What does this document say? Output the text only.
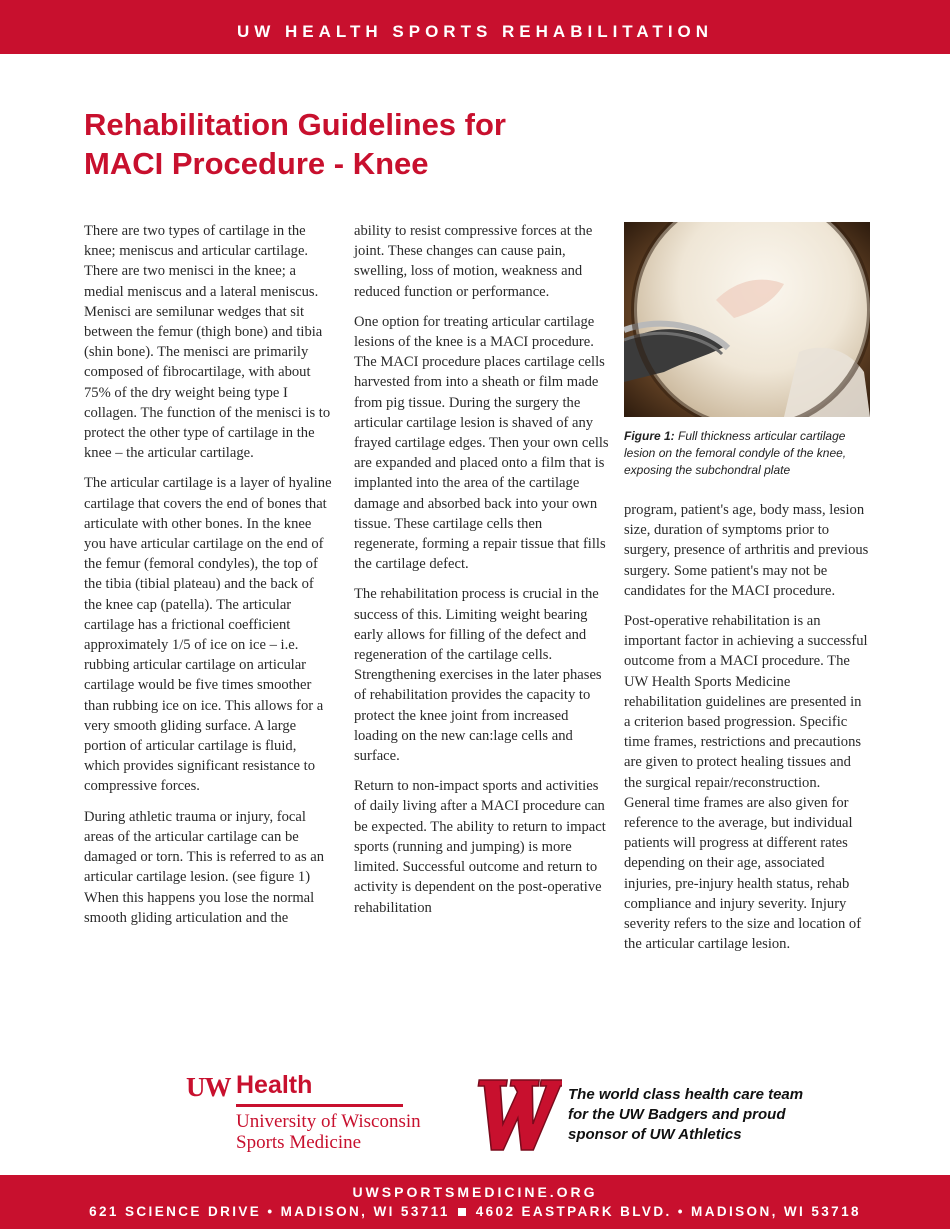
UW HEALTH SPORTS REHABILITATION
Rehabilitation Guidelines for
MACI Procedure - Knee

There are two types of cartilage in the knee; meniscus and articular cartilage. There are two menisci in the knee; a medial meniscus and a lateral meniscus. Menisci are semilunar wedges that sit between the femur (thigh bone) and tibia (shin bone). The menisci are primarily composed of fibrocartilage, with about 75% of the dry weight being type I collagen. The function of the menisci is to protect the other type of cartilage in the knee – the articular cartilage.

The articular cartilage is a layer of hyaline cartilage that covers the end of bones that articulate with other bones. In the knee you have articular cartilage on the end of the femur (femoral condyles), the top of the tibia (tibial plateau) and the back of the knee cap (patella). The articular cartilage has a frictional coefficient approximately 1/5 of ice on ice – i.e. rubbing articular cartilage on articular cartilage would be five times smoother than rubbing ice on ice. This allows for a very smooth gliding surface. A large portion of articular cartilage is fluid, which provides significant resistance to compressive forces.

During athletic trauma or injury, focal areas of the articular cartilage can be damaged or torn. This is referred to as an articular cartilage lesion. (see figure 1) When this happens you lose the normal smooth gliding articulation and the

ability to resist compressive forces at the joint. These changes can cause pain, swelling, loss of motion, weakness and reduced function or performance.

One option for treating articular cartilage lesions of the knee is a MACI procedure. The MACI procedure places cartilage cells harvested from into a sheath or film made from pig tissue. During the surgery the articular cartilage lesion is shaved of any frayed cartilage edges. Then your own cells are expanded and placed onto a film that is implanted into the area of the cartilage damage and absorbed back into your own tissue. These cartilage cells then regenerate, forming a repair tissue that fills the cartilage defect.

The rehabilitation process is crucial in the success of this. Limiting weight bearing early allows for filling of the defect and regeneration of the cartilage cells. Strengthening exercises in the later phases of rehabilitation provides the capacity to protect the knee joint from increased loading on the new can:lage cells and surface.

Return to non-impact sports and activities of daily living after a MACI procedure can be expected. The ability to return to impact sports (running and jumping) is more limited. Successful outcome and return to activity is dependent on the post-operative rehabilitation

Figure 1: Full thickness articular cartilage lesion on the femoral condyle of the knee, exposing the subchondral plate

program, patient's age, body mass, lesion size, duration of symptoms prior to surgery, presence of arthritis and previous surgery. Some patient's may not be candidates for the MACI procedure.

Post-operative rehabilitation is an important factor in achieving a successful outcome from a MACI procedure. The UW Health Sports Medicine rehabilitation guidelines are presented in a criterion based progression. Specific time frames, restrictions and precautions are given to protect healing tissues and the surgical repair/reconstruction. General time frames are also given for reference to the average, but individual patients will progress at different rates depending on their age, associated injuries, pre-injury health status, rehab compliance and injury severity. Injury severity refers to the size and location of the articular cartilage lesion.

UW Health
University of Wisconsin
Sports Medicine

The world class health care team
for the UW Badgers and proud
sponsor of UW Athletics

UWSPORTSMEDICINE.ORG
621 SCIENCE DRIVE • MADISON, WI 53711 4602 EASTPARK BLVD. • MADISON, WI 53718
